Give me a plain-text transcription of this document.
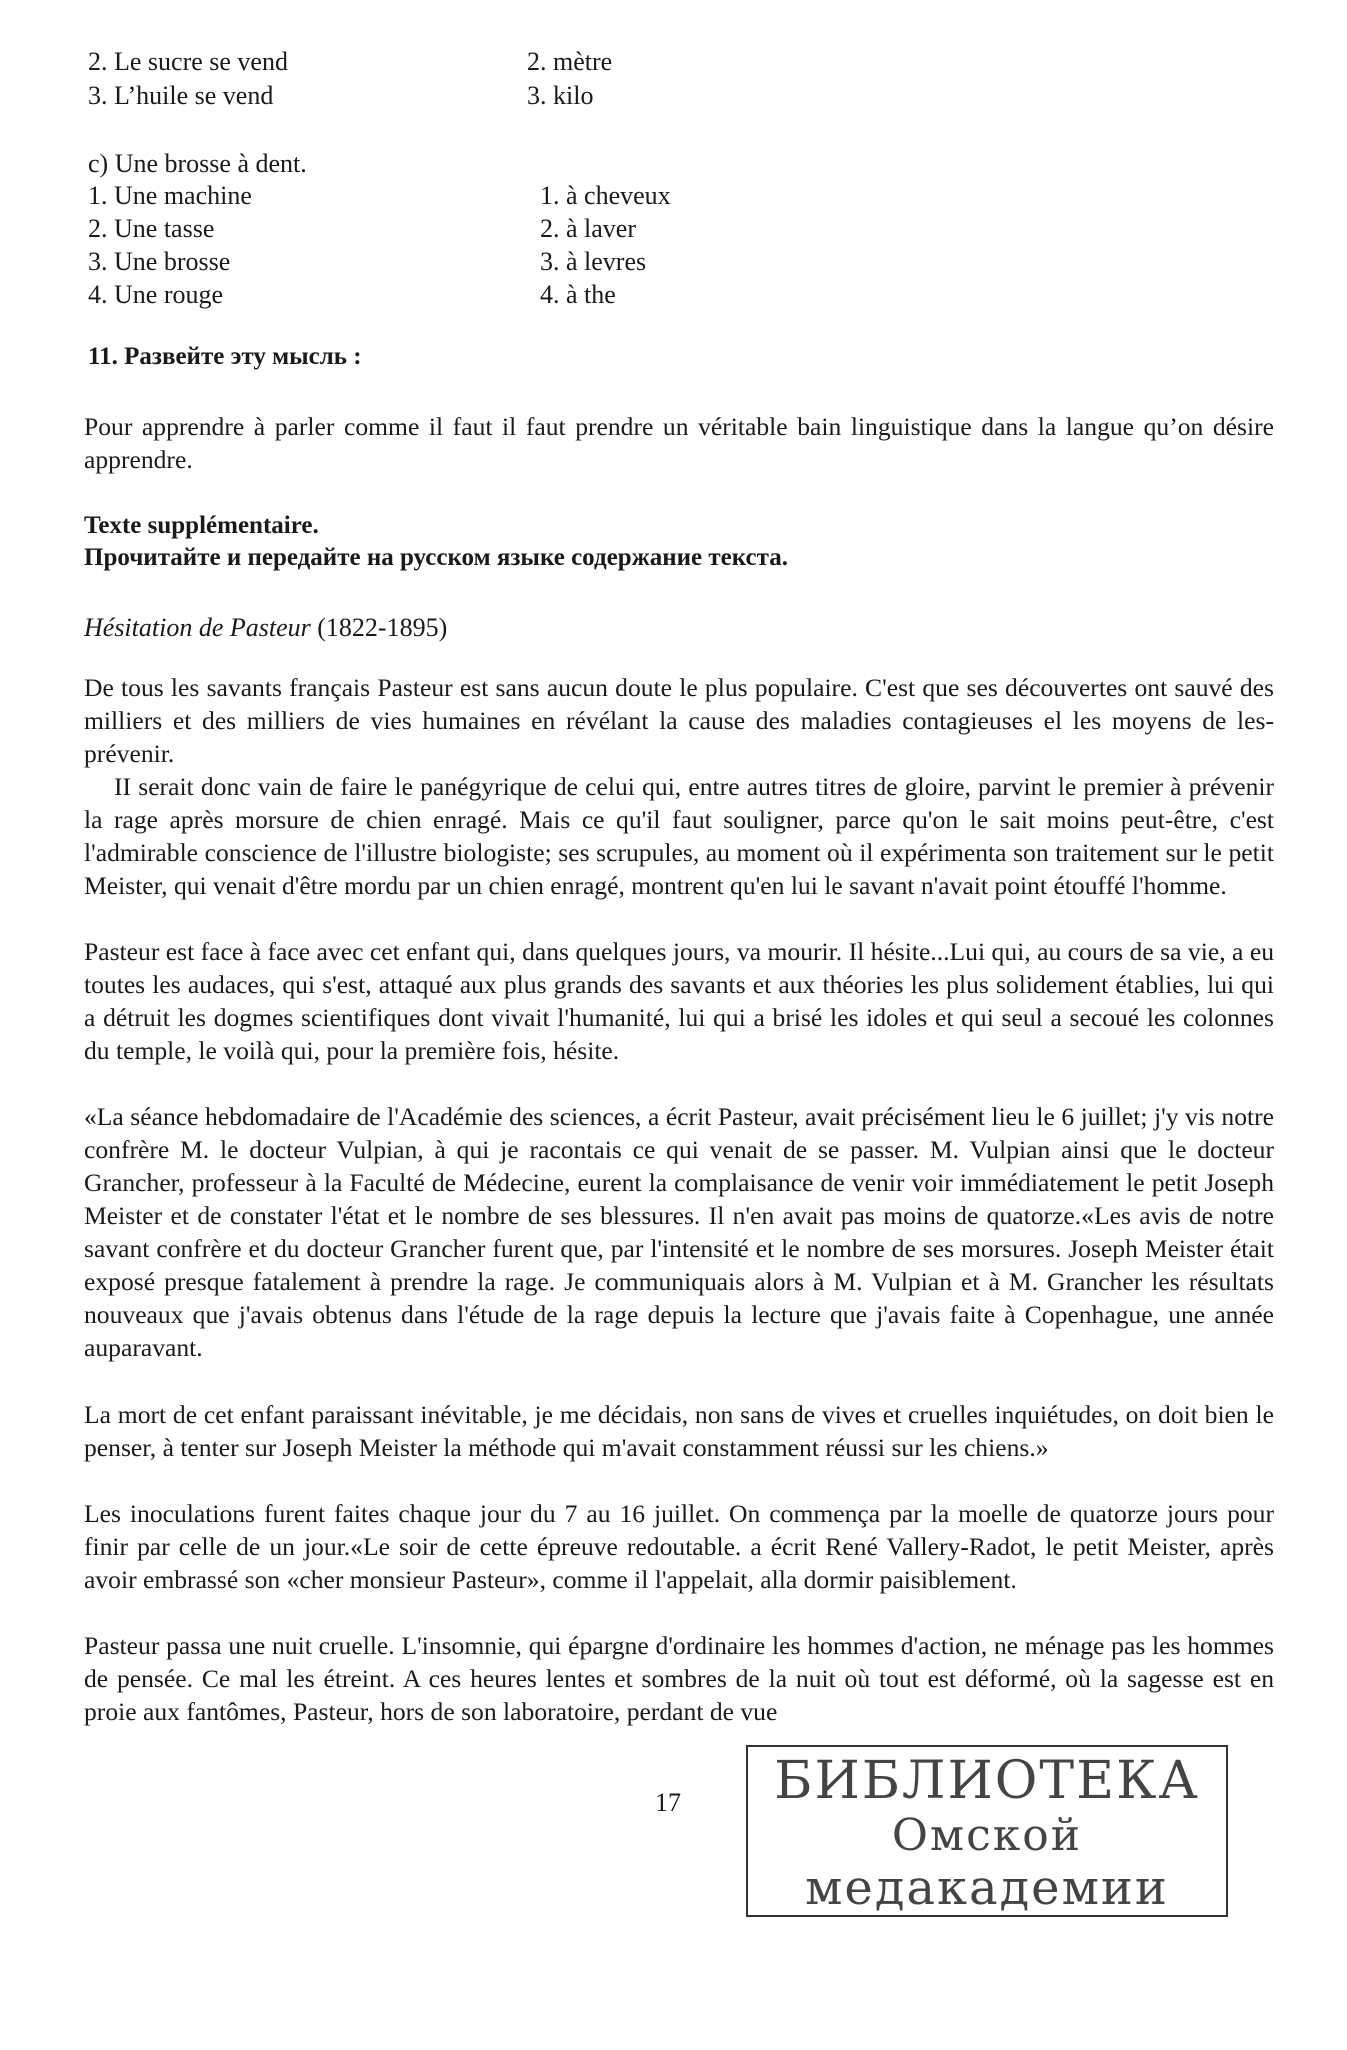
2. Le sucre se vend
3. L’huile se vend
2. mètre
3. kilo
c) Une brosse à dent.
1. Une machine
2. Une tasse
3. Une brosse
4. Une rouge
1. à cheveux
2. à laver
3. à levres
4. à the
11. Развейте эту мысль :
Pour apprendre à parler comme il faut il faut prendre un véritable bain linguistique dans la langue qu’on désire apprendre.
Texte supplémentaire.
Прочитайте и передайте на русском языке содержание текста.
Hésitation de Pasteur (1822-1895)
De tous les savants français Pasteur est sans aucun doute le plus populaire. C'est que ses découvertes ont sauvé des milliers et des milliers de vies humaines en révélant la cause des maladies contagieuses el les moyens de les-prévenir.
II serait donc vain de faire le panégyrique de celui qui, entre autres titres de gloire, parvint le premier à prévenir la rage après morsure de chien enragé. Mais ce qu'il faut souligner, parce qu'on le sait moins peut-être, c'est l'admirable conscience de l'illustre biologiste; ses scrupules, au moment où il expérimenta son traitement sur le petit Meister, qui venait d'être mordu par un chien enragé, montrent qu'en lui le savant n'avait point étouffé l'homme.
Pasteur est face à face avec cet enfant qui, dans quelques jours, va mourir. Il hésite...Lui qui, au cours de sa vie, a eu toutes les audaces, qui s'est, attaqué aux plus grands des savants et aux théories les plus solidement établies, lui qui a détruit les dogmes scientifiques dont vivait l'humanité, lui qui a brisé les idoles et qui seul a secoué les colonnes du temple, le voilà qui, pour la première fois, hésite.
«La séance hebdomadaire de l'Académie des sciences, a écrit Pasteur, avait précisément lieu le 6 juillet; j'y vis notre confrère M. le docteur Vulpian, à qui je racontais ce qui venait de se passer. M. Vulpian ainsi que le docteur Grancher, professeur à la Faculté de Médecine, eurent la complaisance de venir voir immédiatement le petit Joseph Meister et de constater l'état et le nombre de ses blessures. Il n'en avait pas moins de quatorze.«Les avis de notre savant confrère et du docteur Grancher furent que, par l'intensité et le nombre de ses morsures. Joseph Meister était exposé presque fatalement à prendre la rage. Je communiquais alors à M. Vulpian et à M. Grancher les résultats nouveaux que j'avais obtenus dans l'étude de la rage depuis la lecture que j'avais faite à Copenhague, une année auparavant.
La mort de cet enfant paraissant inévitable, je me décidais, non sans de vives et cruelles inquiétudes, on doit bien le penser, à tenter sur Joseph Meister la méthode qui m'avait constamment réussi sur les chiens.»
Les inoculations furent faites chaque jour du 7 au 16 juillet. On commença par la moelle de quatorze jours pour finir par celle de un jour.«Le soir de cette épreuve redoutable. a écrit René Vallery-Radot, le petit Meister, après avoir embrassé son «cher monsieur Pasteur», comme il l'appelait, alla dormir paisiblement.
Pasteur passa une nuit cruelle. L'insomnie, qui épargne d'ordinaire les hommes d'action, ne ménage pas les hommes de pensée. Ce mal les étreint. A ces heures lentes et sombres de la nuit où tout est déformé, où la sagesse est en proie aux fantômes, Pasteur, hors de son laboratoire, perdant de vue
17	БИБЛИОТЕКА
Омской
медакадемии
